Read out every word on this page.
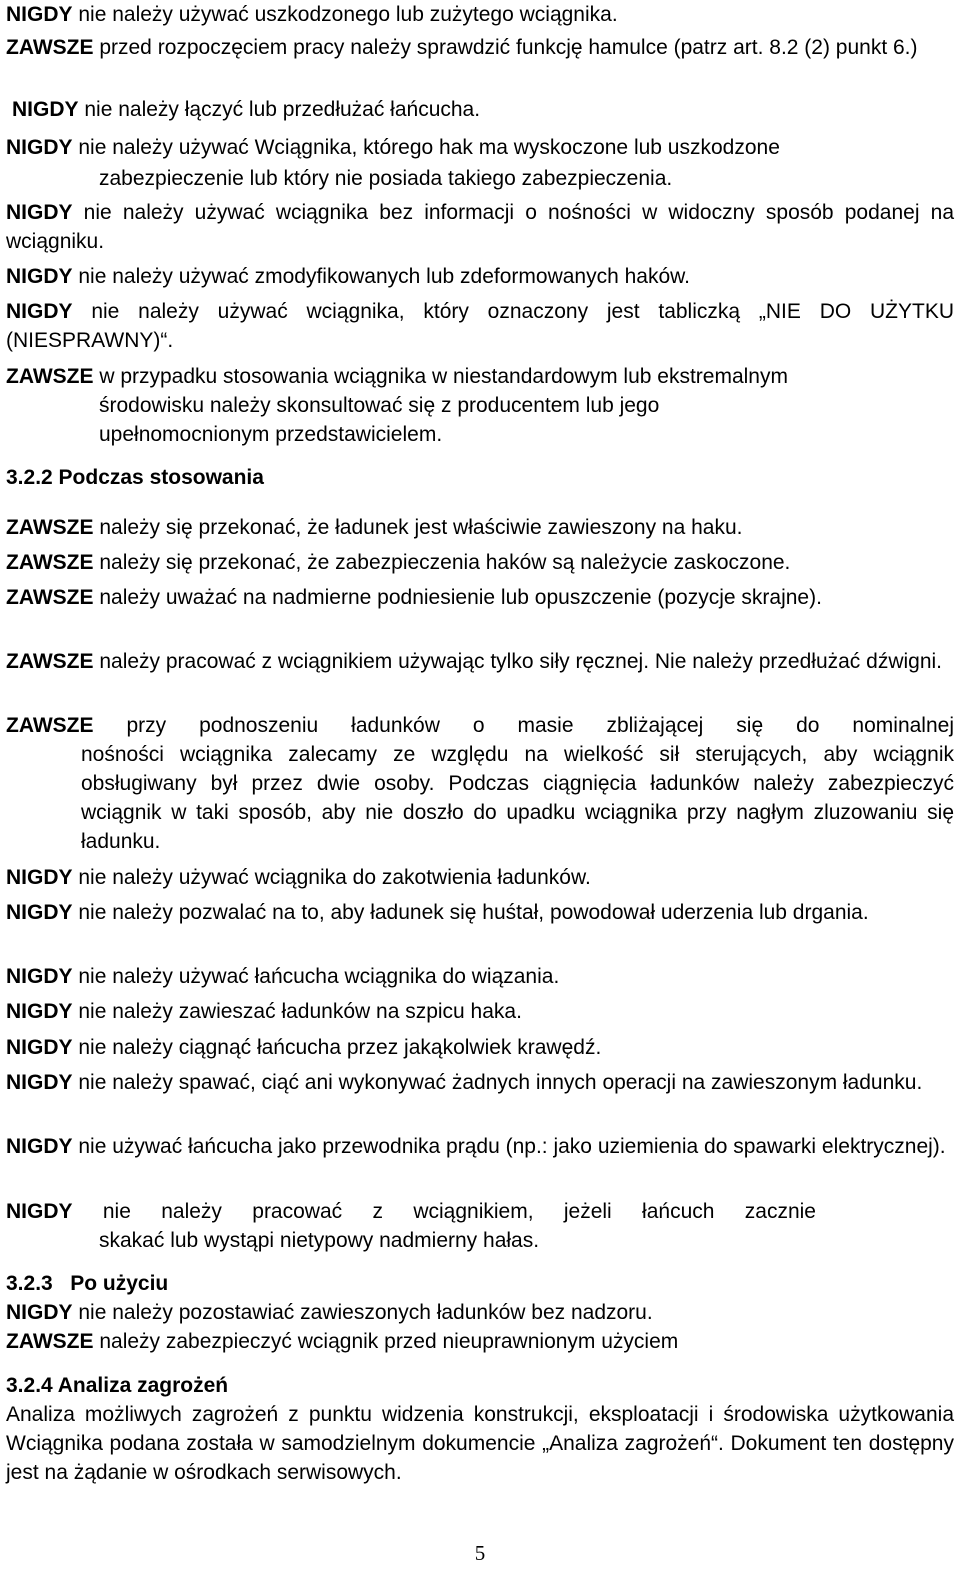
NIGDY nie należy używać uszkodzonego lub zużytego wciągnika.
ZAWSZE przed rozpoczęciem pracy należy sprawdzić funkcję hamulce (patrz art. 8.2 (2) punkt 6.)
NIGDY nie należy łączyć lub przedłużać łańcucha.
NIGDY nie należy używać Wciągnika, którego hak ma wyskoczone lub uszkodzone
zabezpieczenie lub który nie posiada takiego zabezpieczenia.
NIGDY nie należy używać wciągnika bez informacji o nośności w widoczny sposób podanej na wciągniku.
NIGDY nie należy używać zmodyfikowanych lub zdeformowanych haków.
NIGDY nie należy używać wciągnika, który oznaczony jest tabliczką „NIE DO UŻYTKU (NIESPRAWNY)“.
ZAWSZE w przypadku stosowania wciągnika w niestandardowym lub ekstremalnym
środowisku należy skonsultować się z producentem lub jego
upełnomocnionym przedstawicielem.
3.2.2 Podczas stosowania
ZAWSZE należy się przekonać, że ładunek jest właściwie zawieszony na haku.
ZAWSZE należy się przekonać, że zabezpieczenia haków są należycie zaskoczone.
ZAWSZE należy uważać na nadmierne podniesienie lub opuszczenie (pozycje skrajne).
ZAWSZE należy pracować z wciągnikiem używając tylko siły ręcznej. Nie należy przedłużać dźwigni.
ZAWSZE przy podnoszeniu ładunków o masie zbliżającej się do nominalnej
nośności wciągnika zalecamy ze względu na wielkość sił sterujących, aby wciągnik obsługiwany był przez dwie osoby. Podczas ciągnięcia ładunków należy zabezpieczyć wciągnik w taki sposób, aby nie doszło do upadku wciągnika przy nagłym zluzowaniu się ładunku.
NIGDY nie należy używać wciągnika do zakotwienia ładunków.
NIGDY nie należy pozwalać na to, aby ładunek się huśtał, powodował uderzenia lub drgania.
NIGDY nie należy używać łańcucha wciągnika do wiązania.
NIGDY nie należy zawieszać ładunków na szpicu haka.
NIGDY nie należy ciągnąć łańcucha przez jakąkolwiek krawędź.
NIGDY nie należy spawać, ciąć ani wykonywać żadnych innych operacji na zawieszonym ładunku.
NIGDY nie używać łańcucha jako przewodnika prądu (np.: jako uziemienia do spawarki elektrycznej).
NIGDY nie należy pracować z wciągnikiem, jeżeli łańcuch zacznie
skakać lub wystąpi nietypowy nadmierny hałas.
3.2.3   Po użyciu
NIGDY nie należy pozostawiać zawieszonych ładunków bez nadzoru.
ZAWSZE należy zabezpieczyć wciągnik przed nieuprawnionym użyciem
3.2.4 Analiza zagrożeń
Analiza możliwych zagrożeń z punktu widzenia konstrukcji, eksploatacji i środowiska użytkowania Wciągnika podana została w samodzielnym dokumencie „Analiza zagrożeń“. Dokument ten dostępny jest na żądanie w ośrodkach serwisowych.
5
